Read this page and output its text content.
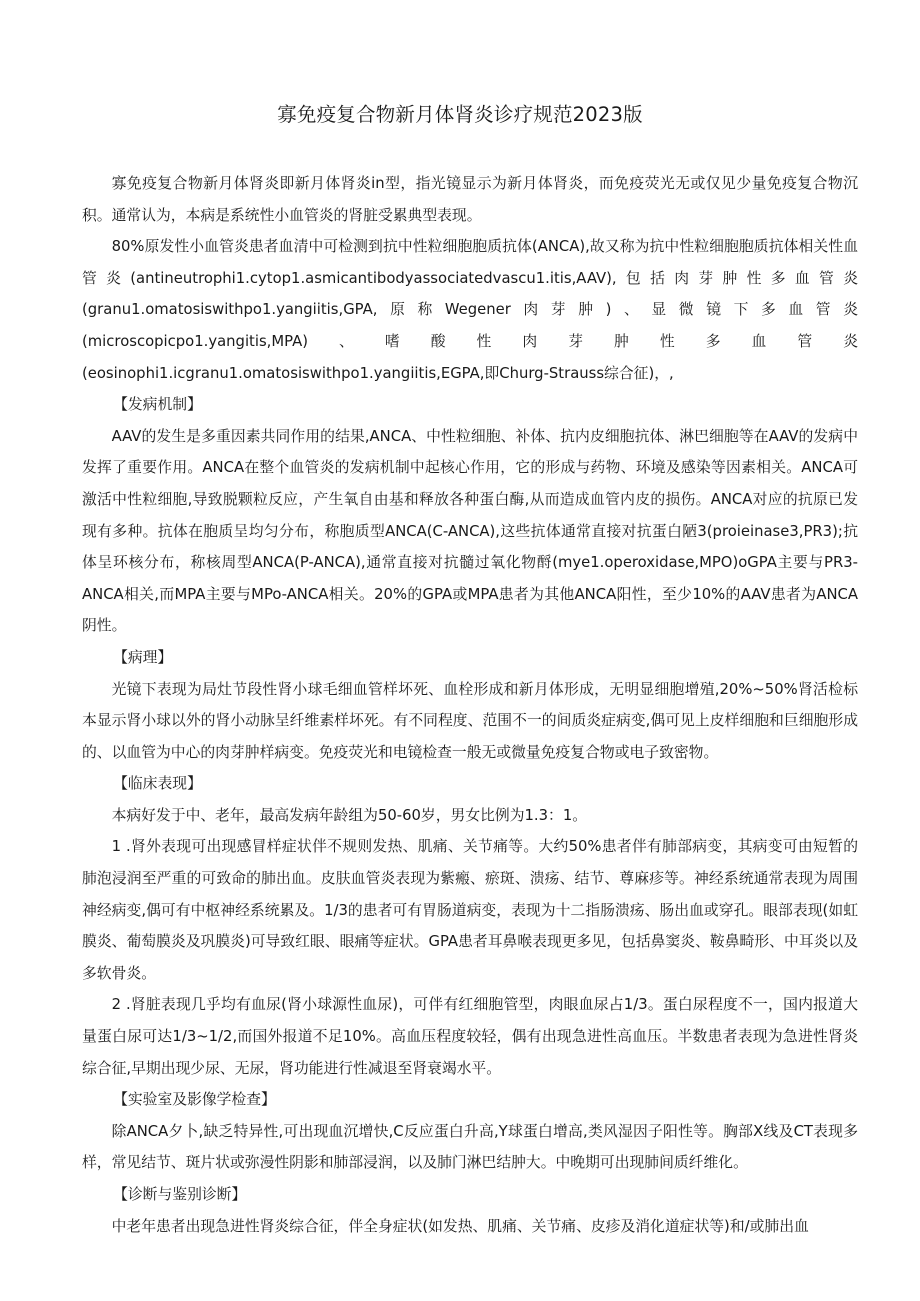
寡免疫复合物新月体肾炎诊疗规范2023版

寡免疫复合物新月体肾炎即新月体肾炎in型，指光镜显示为新月体肾炎，而免疫荧光无或仅见少量免疫复合物沉积。通常认为，本病是系统性小血管炎的肾脏受累典型表现。

80%原发性小血管炎患者血清中可检测到抗中性粒细胞胞质抗体(ANCA),故又称为抗中性粒细胞胞质抗体相关性血管炎(antineutrophi1.cytop1.asmicantibodyassociatedvascu1.itis,AAV),包括肉芽肿性多血管炎(granu1.omatosiswithpo1.yangiitis,GPA,原称Wegener肉芽肿)、显微镜下多血管炎(microscopicpo1.yangitis,MPA)、嗜酸性肉芽肿性多血管炎(eosinophi1.icgranu1.omatosiswithpo1.yangiitis,EGPA,即Churg-Strauss综合征)，,

【发病机制】

AAV的发生是多重因素共同作用的结果,ANCA、中性粒细胞、补体、抗内皮细胞抗体、淋巴细胞等在AAV的发病中发挥了重要作用。ANCA在整个血管炎的发病机制中起核心作用，它的形成与药物、环境及感染等因素相关。ANCA可激活中性粒细胞,导致脱颗粒反应，产生氧自由基和释放各种蛋白酶,从而造成血管内皮的损伤。ANCA对应的抗原已发现有多种。抗体在胞质呈均匀分布，称胞质型ANCA(C-ANCA),这些抗体通常直接对抗蛋白陋3(proieinase3,PR3);抗体呈环核分布，称核周型ANCA(P-ANCA),通常直接对抗髓过氧化物酹(mye1.operoxidase,MPO)oGPA主要与PR3-ANCA相关,而MPA主要与MPo-ANCA相关。20%的GPA或MPA患者为其他ANCA阳性，至少10%的AAV患者为ANCA阴性。

【病理】

光镜下表现为局灶节段性肾小球毛细血管样坏死、血栓形成和新月体形成，无明显细胞增殖,20%~50%肾活检标本显示肾小球以外的肾小动脉呈纤维素样坏死。有不同程度、范围不一的间质炎症病变,偶可见上皮样细胞和巨细胞形成的、以血管为中心的肉芽肿样病变。免疫荧光和电镜检查一般无或微量免疫复合物或电子致密物。

【临床表现】

本病好发于中、老年，最高发病年龄组为50-60岁，男女比例为1.3：1。

1 .肾外表现可出现感冒样症状伴不规则发热、肌痛、关节痛等。大约50%患者伴有肺部病变，其病变可由短暂的肺泡浸润至严重的可致命的肺出血。皮肤血管炎表现为紫瘢、瘀斑、溃疡、结节、尊麻疹等。神经系统通常表现为周围神经病变,偶可有中枢神经系统累及。1/3的患者可有胃肠道病变，表现为十二指肠溃疡、肠出血或穿孔。眼部表现(如虹膜炎、葡萄膜炎及巩膜炎)可导致红眼、眼痛等症状。GPA患者耳鼻喉表现更多见，包括鼻窦炎、鞍鼻畸形、中耳炎以及多软骨炎。

2 .肾脏表现几乎均有血尿(肾小球源性血尿)，可伴有红细胞管型，肉眼血尿占1/3。蛋白尿程度不一，国内报道大量蛋白尿可达1/3~1/2,而国外报道不足10%。高血压程度较轻，偶有出现急进性高血压。半数患者表现为急进性肾炎综合征,早期出现少尿、无尿，肾功能进行性减退至肾衰竭水平。

【实验室及影像学检查】

除ANCA夕卜,缺乏特异性,可出现血沉增快,C反应蛋白升高,Y球蛋白增高,类风湿因子阳性等。胸部X线及CT表现多样，常见结节、斑片状或弥漫性阴影和肺部浸润，以及肺门淋巴结肿大。中晚期可出现肺间质纤维化。

【诊断与鉴别诊断】

中老年患者出现急进性肾炎综合征，伴全身症状(如发热、肌痛、关节痛、皮疹及消化道症状等)和/或肺出血
